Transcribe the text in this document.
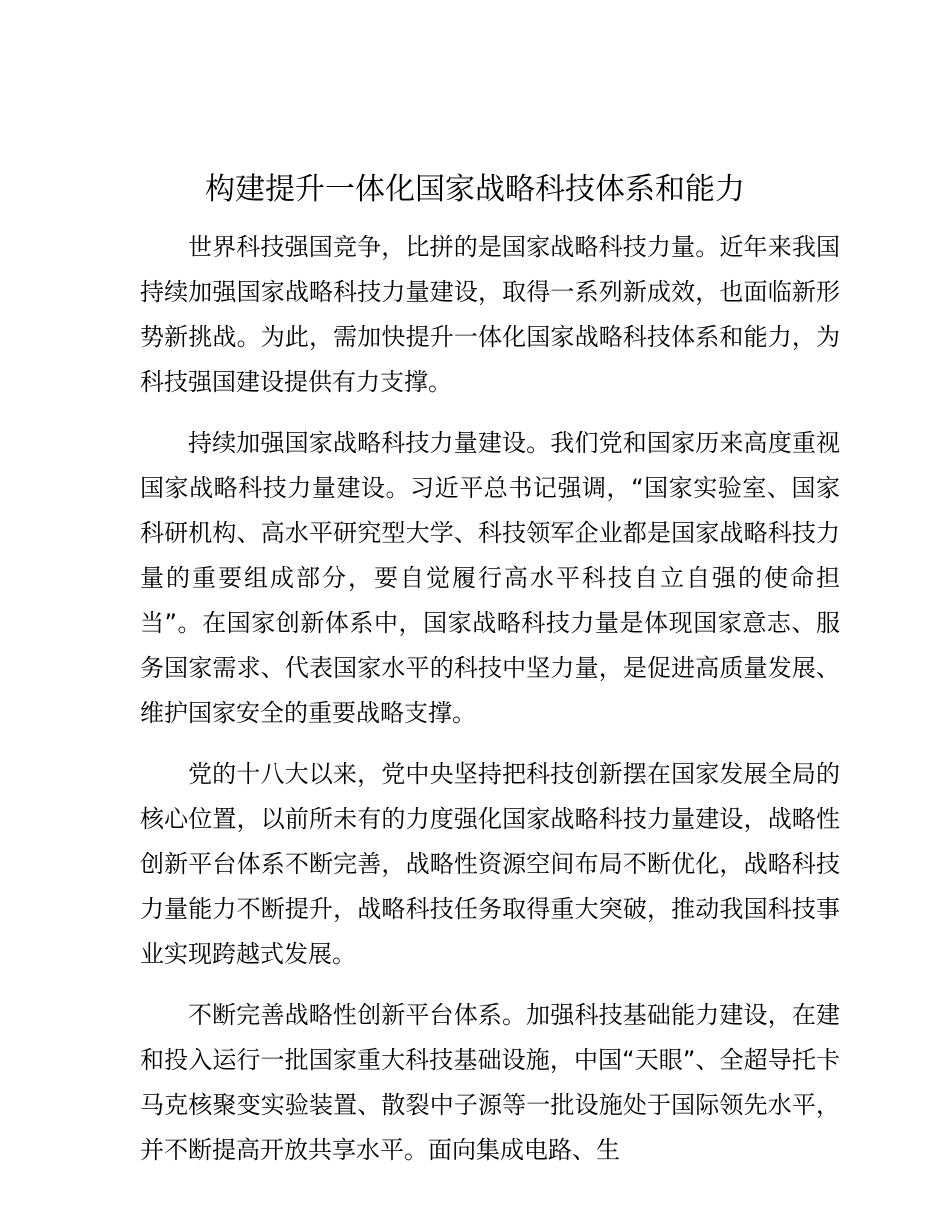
构建提升一体化国家战略科技体系和能力

世界科技强国竞争，比拼的是国家战略科技力量。近年来我国持续加强国家战略科技力量建设，取得一系列新成效，也面临新形势新挑战。为此，需加快提升一体化国家战略科技体系和能力，为科技强国建设提供有力支撑。

持续加强国家战略科技力量建设。我们党和国家历来高度重视国家战略科技力量建设。习近平总书记强调，“国家实验室、国家科研机构、高水平研究型大学、科技领军企业都是国家战略科技力量的重要组成部分，要自觉履行高水平科技自立自强的使命担当”。在国家创新体系中，国家战略科技力量是体现国家意志、服务国家需求、代表国家水平的科技中坚力量，是促进高质量发展、维护国家安全的重要战略支撑。

党的十八大以来，党中央坚持把科技创新摆在国家发展全局的核心位置，以前所未有的力度强化国家战略科技力量建设，战略性创新平台体系不断完善，战略性资源空间布局不断优化，战略科技力量能力不断提升，战略科技任务取得重大突破，推动我国科技事业实现跨越式发展。

不断完善战略性创新平台体系。加强科技基础能力建设，在建和投入运行一批国家重大科技基础设施，中国“天眼”、全超导托卡马克核聚变实验装置、散裂中子源等一批设施处于国际领先水平，并不断提高开放共享水平。面向集成电路、生
